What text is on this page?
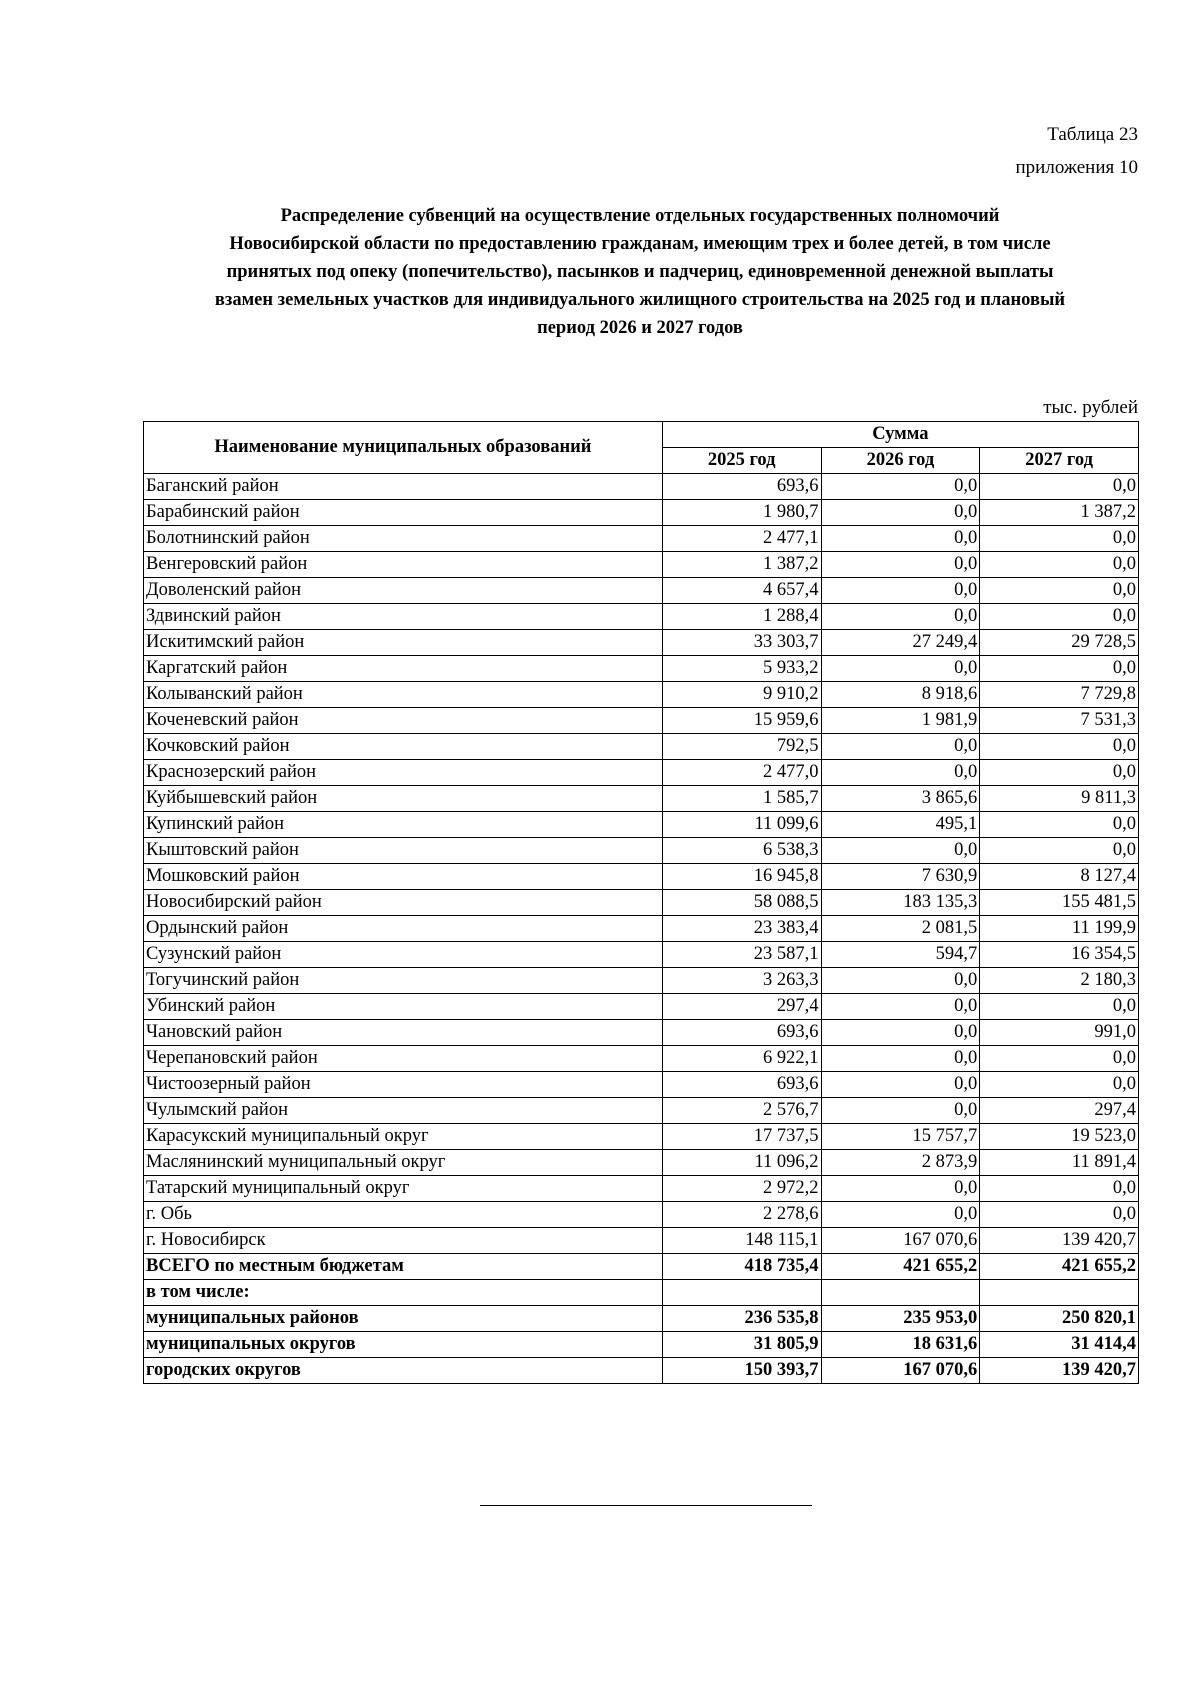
Таблица 23
приложения 10
Распределение субвенций на осуществление отдельных государственных полномочий
Новосибирской области по предоставлению гражданам, имеющим трех и более детей, в том числе
принятых под опеку (попечительство), пасынков и падчериц, единовременной денежной выплаты
взамен земельных участков для индивидуального жилищного строительства на 2025 год и плановый
период 2026 и 2027 годов
тыс. рублей
Наименование муниципальных образований	Сумма		
	2025 год	2026 год	2027 год
Баганский район	693,6	0,0	0,0
Барабинский район	1 980,7	0,0	1 387,2
Болотнинский район	2 477,1	0,0	0,0
Венгеровский район	1 387,2	0,0	0,0
Доволенский район	4 657,4	0,0	0,0
Здвинский район	1 288,4	0,0	0,0
Искитимский район	33 303,7	27 249,4	29 728,5
Каргатский район	5 933,2	0,0	0,0
Колыванский район	9 910,2	8 918,6	7 729,8
Коченевский район	15 959,6	1 981,9	7 531,3
Кочковский район	792,5	0,0	0,0
Краснозерский район	2 477,0	0,0	0,0
Куйбышевский район	1 585,7	3 865,6	9 811,3
Купинский район	11 099,6	495,1	0,0
Кыштовский район	6 538,3	0,0	0,0
Мошковский район	16 945,8	7 630,9	8 127,4
Новосибирский район	58 088,5	183 135,3	155 481,5
Ордынский район	23 383,4	2 081,5	11 199,9
Сузунский район	23 587,1	594,7	16 354,5
Тогучинский район	3 263,3	0,0	2 180,3
Убинский район	297,4	0,0	0,0
Чановский район	693,6	0,0	991,0
Черепановский район	6 922,1	0,0	0,0
Чистоозерный район	693,6	0,0	0,0
Чулымский район	2 576,7	0,0	297,4
Карасукский муниципальный округ	17 737,5	15 757,7	19 523,0
Маслянинский муниципальный округ	11 096,2	2 873,9	11 891,4
Татарский муниципальный округ	2 972,2	0,0	0,0
г. Обь	2 278,6	0,0	0,0
г. Новосибирск	148 115,1	167 070,6	139 420,7
ВСЕГО по местным бюджетам	418 735,4	421 655,2	421 655,2
в том числе:			
муниципальных районов	236 535,8	235 953,0	250 820,1
муниципальных округов	31 805,9	18 631,6	31 414,4
городских округов	150 393,7	167 070,6	139 420,7
